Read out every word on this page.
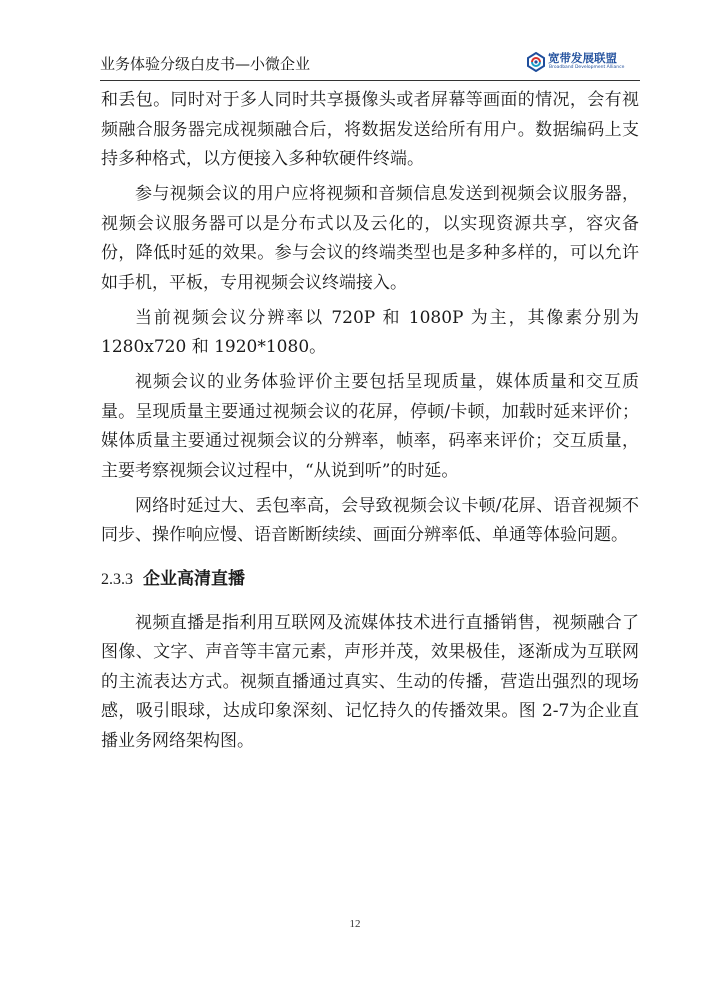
业务体验分级白皮书—小微企业	宽带发展联盟
Broadband Development Alliance

和丢包。同时对于多人同时共享摄像头或者屏幕等画面的情况，会有视频融合服务器完成视频融合后，将数据发送给所有用户。数据编码上支持多种格式，以方便接入多种软硬件终端。

参与视频会议的用户应将视频和音频信息发送到视频会议服务器，视频会议服务器可以是分布式以及云化的，以实现资源共享，容灾备份，降低时延的效果。参与会议的终端类型也是多种多样的，可以允许如手机，平板，专用视频会议终端接入。

当前视频会议分辨率以 720P 和 1080P 为主，其像素分别为1280x720 和 1920*1080。

视频会议的业务体验评价主要包括呈现质量，媒体质量和交互质量。呈现质量主要通过视频会议的花屏，停顿/卡顿，加载时延来评价；媒体质量主要通过视频会议的分辨率，帧率，码率来评价；交互质量，主要考察视频会议过程中，“从说到听”的时延。

网络时延过大、丢包率高，会导致视频会议卡顿/花屏、语音视频不同步、操作响应慢、语音断断续续、画面分辨率低、单通等体验问题。

2.3.3 企业高清直播

视频直播是指利用互联网及流媒体技术进行直播销售，视频融合了图像、文字、声音等丰富元素，声形并茂，效果极佳，逐渐成为互联网的主流表达方式。视频直播通过真实、生动的传播，营造出强烈的现场感，吸引眼球，达成印象深刻、记忆持久的传播效果。图 2-7为企业直播业务网络架构图。

12
